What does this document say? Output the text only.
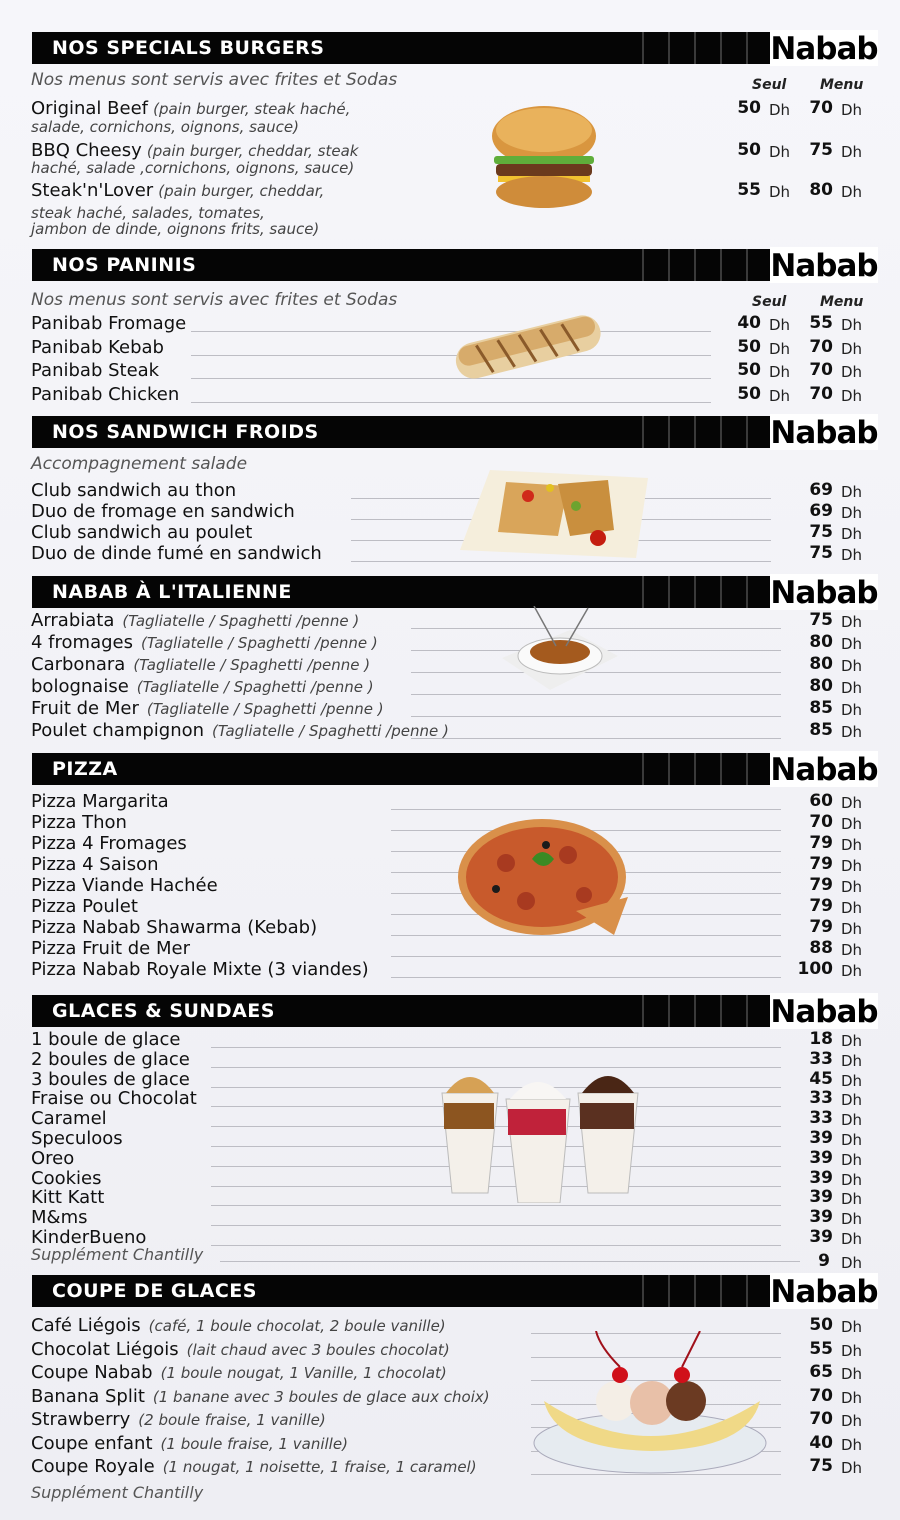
NOS SPECIALS BURGERS	Nabab
Nos menus sont servis avec frites et Sodas	Seul Menu
Original Beef (pain burger, steak haché,	50 Dh	70 Dh
salade, cornichons, oignons, sauce)
BBQ Cheesy (pain burger, cheddar, steak	50 Dh	75 Dh
haché, salade ,cornichons, oignons, sauce)
Steak'n'Lover (pain burger, cheddar,	55 Dh	80 Dh
steak haché, salades, tomates,
jambon de dinde, oignons frits, sauce)
NOS PANINIS	Nabab
Nos menus sont servis avec frites et Sodas	Seul Menu
Panibab Fromage	40 Dh	55 Dh
Panibab Kebab	50 Dh	70 Dh
Panibab Steak	50 Dh	70 Dh
Panibab Chicken	50 Dh	70 Dh
NOS SANDWICH FROIDS	Nabab
Accompagnement salade
Club sandwich au thon	69 Dh
Duo de fromage en sandwich	69 Dh
Club sandwich au poulet	75 Dh
Duo de dinde fumé en sandwich	75 Dh
NABAB À L'ITALIENNE	Nabab
Arrabiata (Tagliatelle / Spaghetti /penne )	75 Dh
4 fromages (Tagliatelle / Spaghetti /penne )	80 Dh
Carbonara (Tagliatelle / Spaghetti /penne )	80 Dh
bolognaise (Tagliatelle / Spaghetti /penne )	80 Dh
Fruit de Mer (Tagliatelle / Spaghetti /penne )	85 Dh
Poulet champignon (Tagliatelle / Spaghetti /penne )	85 Dh
PIZZA	Nabab
Pizza Margarita	60 Dh
Pizza Thon	70 Dh
Pizza 4 Fromages	79 Dh
Pizza 4 Saison	79 Dh
Pizza Viande Hachée	79 Dh
Pizza Poulet	79 Dh
Pizza Nabab Shawarma (Kebab)	79 Dh
Pizza Fruit de Mer	88 Dh
Pizza Nabab Royale Mixte (3 viandes)	100 Dh
GLACES & SUNDAES	Nabab
1 boule de glace	18 Dh
2 boules de glace	33 Dh
3 boules de glace	45 Dh
Fraise ou Chocolat	33 Dh
Caramel	33 Dh
Speculoos	39 Dh
Oreo	39 Dh
Cookies	39 Dh
Kitt Katt	39 Dh
M&ms	39 Dh
KinderBueno	39 Dh
Supplément Chantilly	9 Dh
COUPE DE GLACES	Nabab
Café Liégois (café, 1 boule chocolat, 2 boule vanille)	50 Dh
Chocolat Liégois (lait chaud avec 3 boules chocolat)	55 Dh
Coupe Nabab (1 boule nougat, 1 Vanille, 1 chocolat)	65 Dh
Banana Split (1 banane avec 3 boules de glace aux choix)	70 Dh
Strawberry (2 boule fraise, 1 vanille)	70 Dh
Coupe enfant (1 boule fraise, 1 vanille)	40 Dh
Coupe Royale (1 nougat, 1 noisette, 1 fraise, 1 caramel)	75 Dh
Supplément Chantilly
